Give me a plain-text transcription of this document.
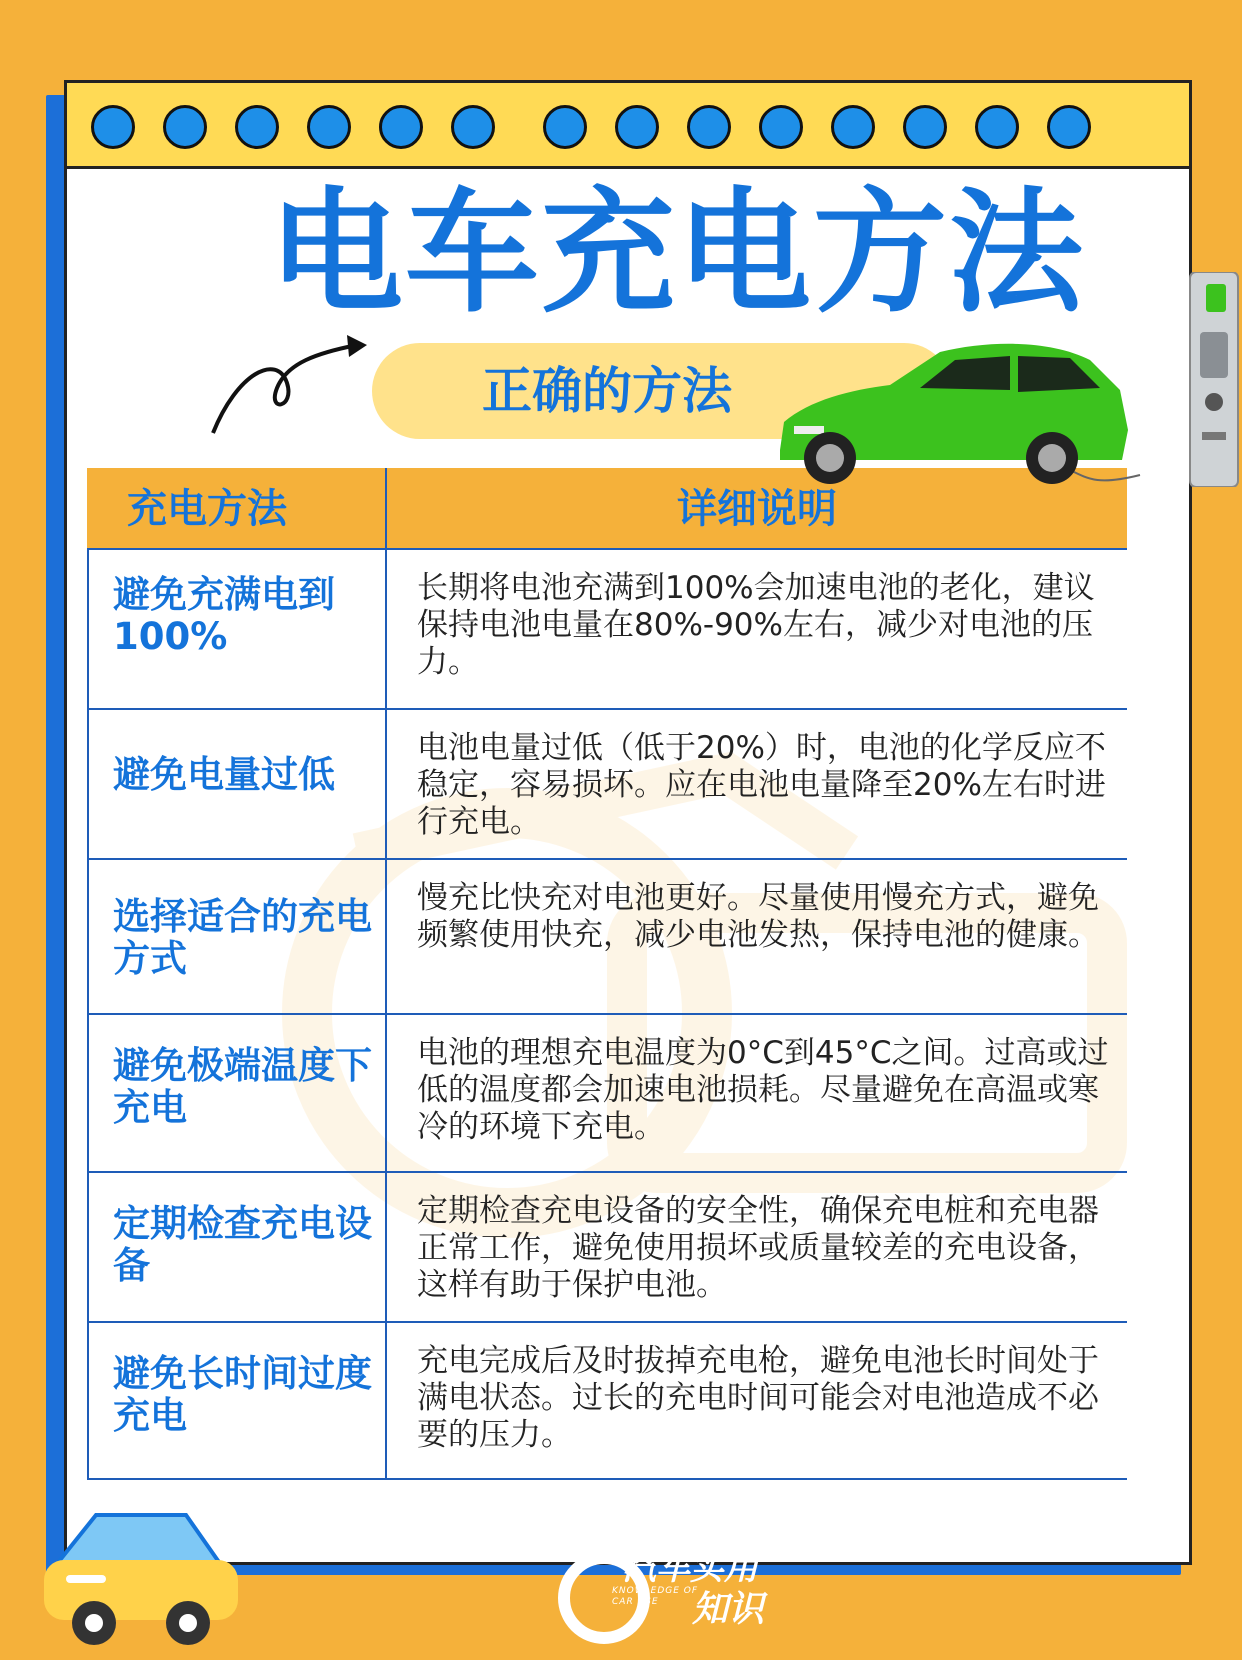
电车充电方法
正确的方法
充电方法	详细说明
避免充满电到100%
长期将电池充满到100%会加速电池的老化，建议保持电池电量在80%-90%左右，减少对电池的压力。
避免电量过低
电池电量过低（低于20%）时，电池的化学反应不稳定，容易损坏。应在电池电量降至20%左右时进行充电。
选择适合的充电方式
慢充比快充对电池更好。尽量使用慢充方式，避免频繁使用快充，减少电池发热，保持电池的健康。
避免极端温度下充电
电池的理想充电温度为0°C到45°C之间。过高或过低的温度都会加速电池损耗。尽量避免在高温或寒冷的环境下充电。
定期检查充电设备
定期检查充电设备的安全性，确保充电桩和充电器正常工作，避免使用损坏或质量较差的充电设备，这样有助于保护电池。
避免长时间过度充电
充电完成后及时拔掉充电枪，避免电池长时间处于满电状态。过长的充电时间可能会对电池造成不必要的压力。
汽车实用
KNOWLEDGE OF CAR USE 知识
